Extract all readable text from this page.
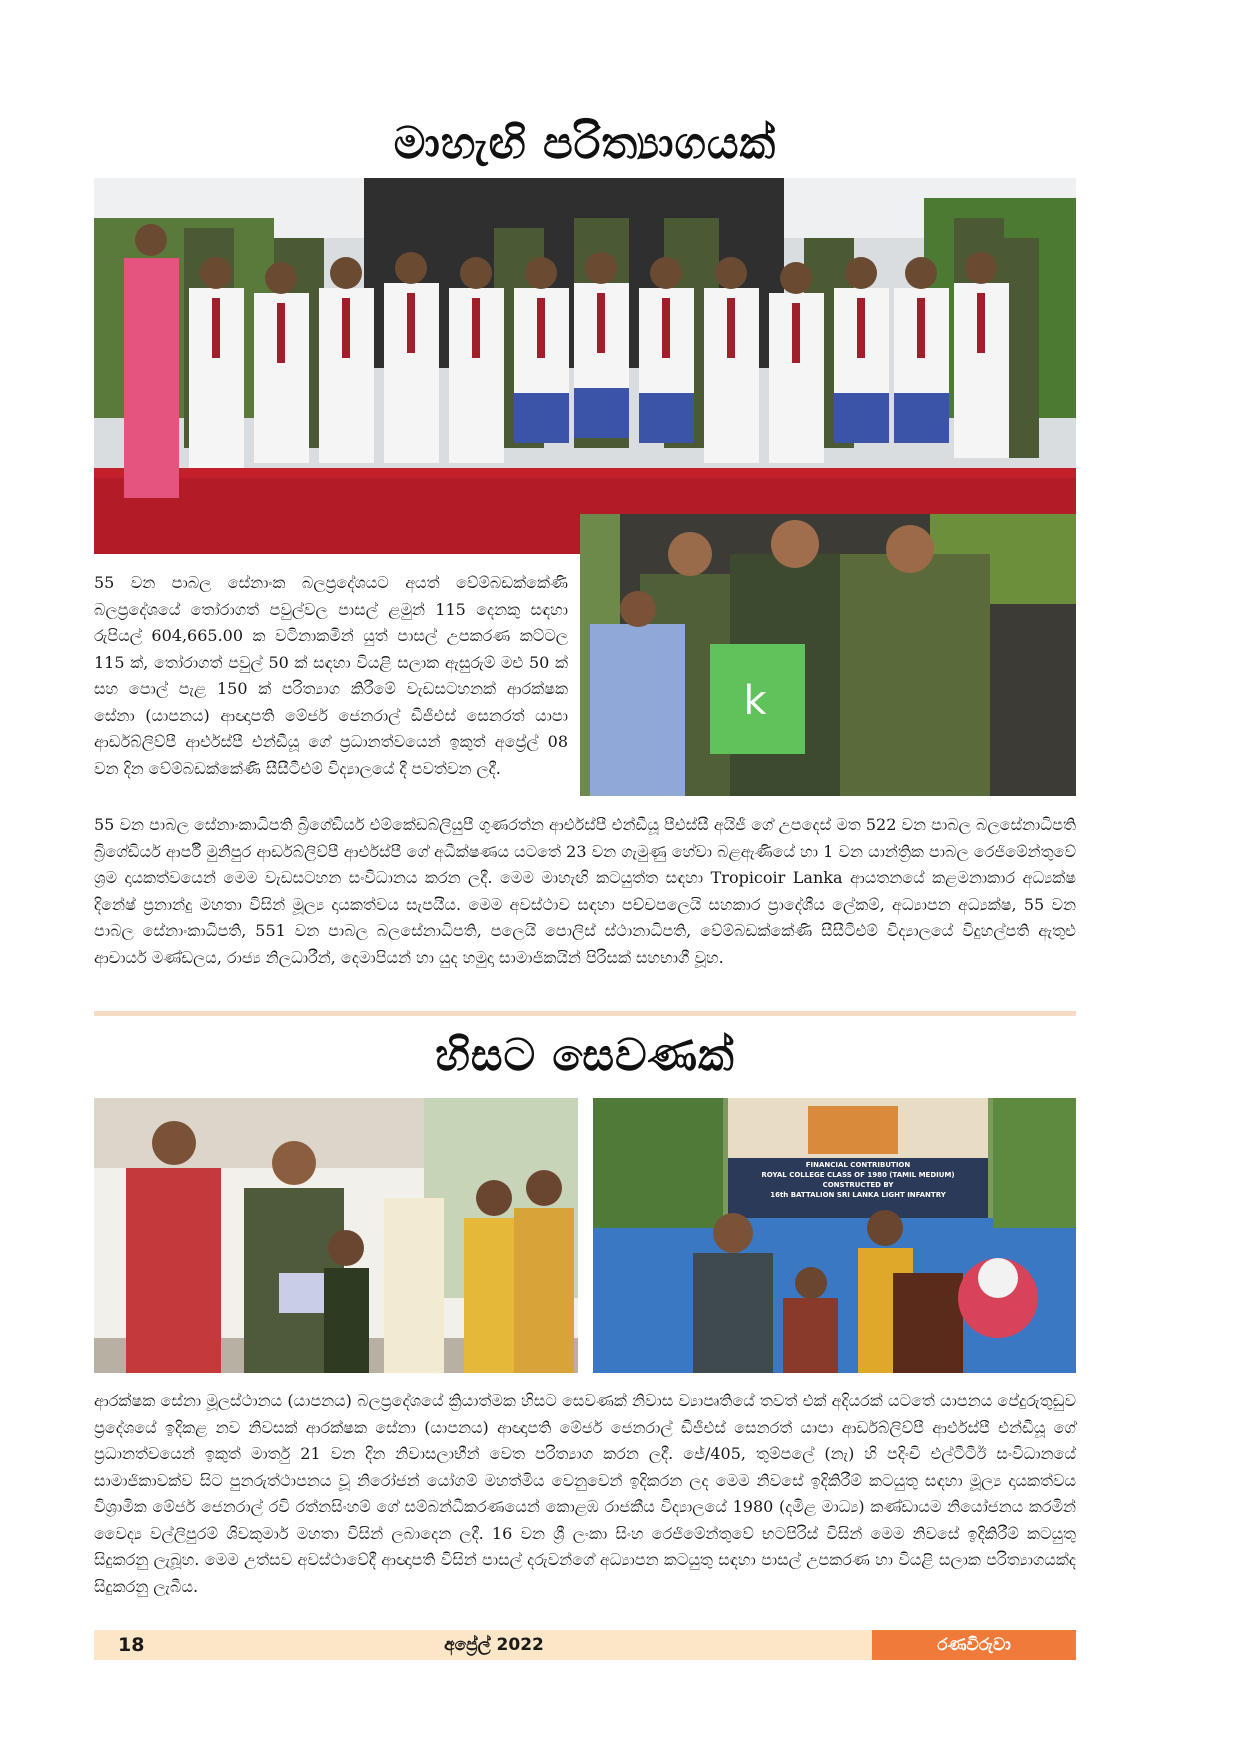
මාහැඟි පරිත්‍යාගයක්
k

55 වන පාබල සේනාංක බලප්‍රදේශයට අයත් වේම්බඩක්කේණි බලප්‍රදේශයේ තෝරාගත් පවුල්වල පාසල් ළමුන් 115 දෙනකු සඳහා රුපියල් 604,665.00 ක වටිනාකමින් යුත් පාසල් උපකරණ කට්ටල 115 ක්, තෝරාගත් පවුල් 50 ක් සඳහා වියළි සලාක ඇසුරුම් මළු 50 ක් සහ පොල් පැළ 150 ක් පරිත්‍යාග කිරීමේ වැඩසටහනක් ආරක්ෂක සේනා (යාපනය) ආඥාපති මේජර් ජෙනරාල් ඩීජීඑස් සෙනරත් යාපා ආර්ඩබ්ලිව්පී ආර්එස්පී එන්ඩීයූ ගේ ප්‍රධානත්වයෙන් ඉකුත් අප්‍රේල් 08 වන දින වේම්බඩක්කේණි සීසීටීඑම් විද්‍යාලයේ දී පවත්වන ලදී.

55 වන පාබල සේනාංකාධිපති බ්‍රිගේඩියර් එම්කේඩබ්ලියුපී ගුණරත්න ආර්එස්පී එන්ඩීයූ පීඑස්සී අයිජී ගේ උපදෙස් මත 522 වන පාබල බලසේනාධිපති බ්‍රිගේඩියර් ආර්පී මුනිපුර ආර්ඩබ්ලිව්පී ආර්එස්පී ගේ අධීක්ෂණය යටතේ 23 වන ගැමුණු හේවා බළඇණියේ හා 1 වන යාන්ත්‍රික පාබල රෙජිමේන්තුවේ ශ්‍රම දායකත්වයෙන් මෙම වැඩසටහන සංවිධානය කරන ලදී. මෙම මාහැඟි කටයුත්ත සඳහා Tropicoir Lanka ආයතනයේ කළමනාකාර අධ්‍යක්ෂ දිනේෂ් ප්‍රනාන්දු මහතා විසින් මූල්‍ය දායකත්වය සැපයීය. මෙම අවස්ථාව සඳහා පච්චපලෙයි සහකාර ප්‍රාදේශීය ලේකම්, අධ්‍යාපන අධ්‍යක්ෂ, 55 වන පාබල සේනාංකාධිපති, 551 වන පාබල බලසේනාධිපති, පලෙයි පොලිස් ස්ථානාධිපති, වේම්බඩක්කේණි සීසීටීඑම් විද්‍යාලයේ විදුහල්පති ඇතුළු ආචාර්ය මණ්ඩලය, රාජ්‍ය නිලධාරීන්, දෙමාපියන් හා යුද හමුදා සාමාජිකයින් පිරිසක් සහභාගී වූහ.

හිසට සෙවණක්
FINANCIAL CONTRIBUTION
ROYAL COLLEGE CLASS OF 1980 (TAMIL MEDIUM)
CONSTRUCTED BY
16th BATTALION SRI LANKA LIGHT INFANTRY

ආරක්ෂක සේනා මූලස්ථානය (යාපනය) බලප්‍රදේශයේ ක්‍රියාත්මක හිසට සෙවණක් නිවාස ව්‍යාපෘතියේ තවත් එක් අදියරක් යටතේ යාපනය පේදුරුතුඩුව ප්‍රදේශයේ ඉදිකළ නව නිවසක් ආරක්ෂක සේනා (යාපනය) ආඥාපති මේජර් ජෙනරාල් ඩීජීඑස් සෙනරත් යාපා ආර්ඩබ්ලිව්පී ආර්එස්පී එන්ඩීයූ ගේ ප්‍රධානත්වයෙන් ඉකුත් මාර්තු 21 වන දින නිවාසලාභීන් වෙත පරිත්‍යාග කරන ලදී. ජේ/405, තුම්පලේ (නැ) හි පදිංචි එල්ටීටීඊ සංවිධානයේ සාමාජිකාවක්ව සිට පුනරුත්ථාපනය වූ නිරෝජන් යෝගම් මහත්මිය වෙනුවෙන් ඉදිකරන ලද මෙම නිවසේ ඉදිකිරීම් කටයුතු සඳහා මූල්‍ය දායකත්වය විශ්‍රාමික මේජර් ජෙනරාල් රවි රත්නසිංහම් ගේ සම්බන්ධීකරණයෙන් කොළඹ රාජකීය විද්‍යාලයේ 1980 (දමිළ මාධ්‍ය) කණ්ඩායම නියෝජනය කරමින් වෛද්‍ය වල්ලිපුරම් ශිවකුමාර් මහතා විසින් ලබාදෙන ලදී. 16 වන ශ්‍රී ලංකා සිංහ රෙජිමේන්තුවේ භටපිරිස් විසින් මෙම නිවසේ ඉදිකිරීම් කටයුතු සිදුකරනු ලැබූහ. මෙම උත්සව අවස්ථාවේදී ආඥාපති විසින් පාසල් දරුවන්ගේ අධ්‍යාපන කටයුතු සඳහා පාසල් උපකරණ හා වියළි සලාක පරිත්‍යාගයක්ද සිදුකරනු ලැබීය.

18	අප්‍රේල් 2022	රණවිරුවා
